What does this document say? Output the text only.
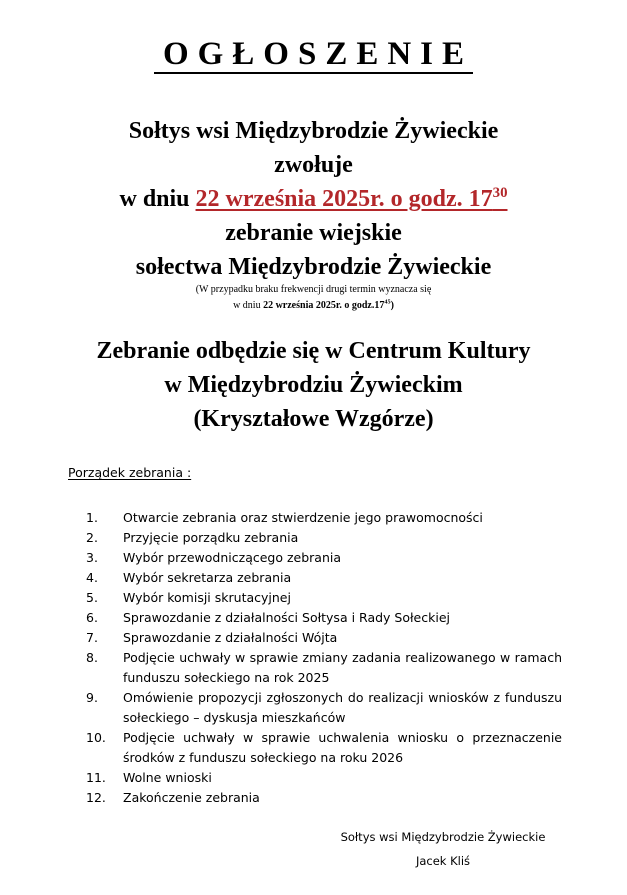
OGŁOSZENIE
Sołtys wsi Międzybrodzie Żywieckie
zwołuje
w dniu 22 września 2025r. o godz. $17^{30}$
zebranie wiejskie
sołectwa Międzybrodzie Żywieckie
(W przypadku braku frekwencji drugi termin wyznacza się
w dniu 22 września 2025r. o $godz.17^{45}$)
Zebranie odbędzie się w Centrum Kultury
w Międzybrodziu Żywieckim
(Kryształowe Wzgórze)
Porządek zebrania :
1.	Otwarcie zebrania oraz stwierdzenie jego prawomocności
2.	Przyjęcie porządku zebrania
3.	Wybór przewodniczącego zebrania
4.	Wybór sekretarza zebrania
5.	Wybór komisji skrutacyjnej
6.	Sprawozdanie z działalności Sołtysa i Rady Sołeckiej
7.	Sprawozdanie z działalności Wójta
8.	Podjęcie uchwały w sprawie zmiany zadania realizowanego w ramach funduszu sołeckiego na rok 2025
9.	Omówienie propozycji zgłoszonych do realizacji wniosków z funduszu sołeckiego – dyskusja mieszkańców
10.	Podjęcie uchwały w sprawie uchwalenia wniosku o przeznaczenie środków z funduszu sołeckiego na roku 2026
11.	Wolne wnioski
12.	Zakończenie zebrania
Sołtys wsi Międzybrodzie Żywieckie
Jacek Kliś
